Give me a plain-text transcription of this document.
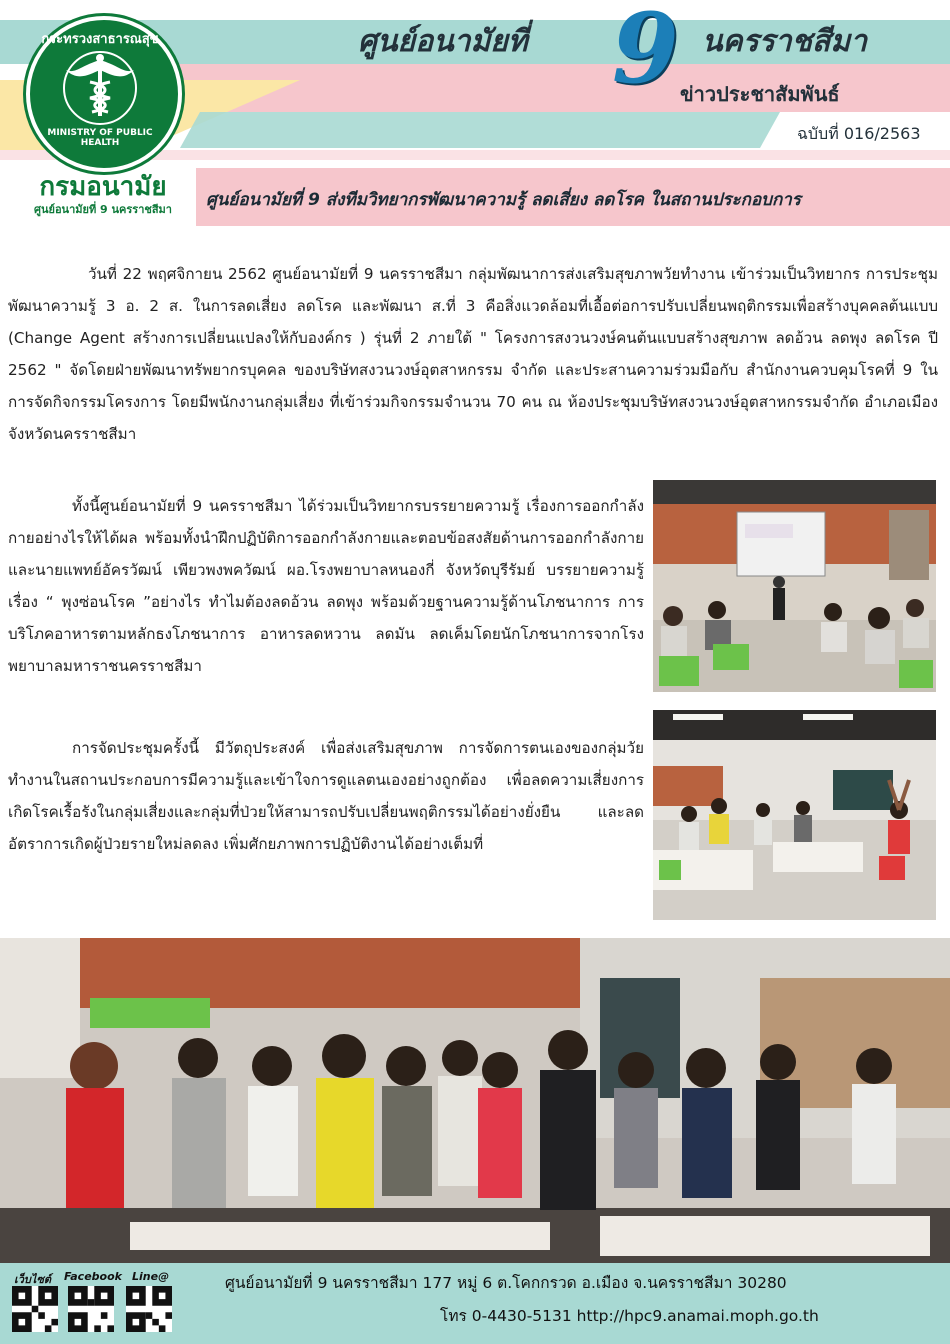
กระทรวงสาธารณสุข
MINISTRY OF PUBLIC HEALTH
กรมอนามัย
ศูนย์อนามัยที่ 9 นครราชสีมา
ศูนย์อนามัยที่ 9 นครราชสีมา
ข่าวประชาสัมพันธ์
ฉบับที่ 016/2563
ศูนย์อนามัยที่ 9 ส่งทีมวิทยากรพัฒนาความรู้ ลดเสี่ยง ลดโรค ในสถานประกอบการ
วันที่ 22 พฤศจิกายน 2562 ศูนย์อนามัยที่ 9 นครราชสีมา กลุ่มพัฒนาการส่งเสริมสุขภาพวัยทำงาน เข้าร่วมเป็นวิทยากร การประชุมพัฒนาความรู้ 3 อ. 2 ส. ในการลดเสี่ยง ลดโรค และพัฒนา ส.ที่ 3 คือสิ่งแวดล้อมที่เอื้อต่อการปรับเปลี่ยนพฤติกรรมเพื่อสร้างบุคคลต้นแบบ (Change Agent สร้างการเปลี่ยนแปลงให้กับองค์กร ) รุ่นที่ 2 ภายใต้ " โครงการสงวนวงษ์คนต้นแบบสร้างสุขภาพ ลดอ้วน ลดพุง ลดโรค ปี 2562 " จัดโดยฝ่ายพัฒนาทรัพยากรบุคคล ของบริษัทสงวนวงษ์อุตสาหกรรม จำกัด และประสานความร่วมมือกับ สำนักงานควบคุมโรคที่ 9 ในการจัดกิจกรรมโครงการ โดยมีพนักงานกลุ่มเสี่ยง ที่เข้าร่วมกิจกรรมจำนวน 70 คน ณ ห้องประชุมบริษัทสงวนวงษ์อุตสาหกรรมจำกัด อำเภอเมือง จังหวัดนครราชสีมา
ทั้งนี้ศูนย์อนามัยที่ 9 นครราชสีมา ได้ร่วมเป็นวิทยากรบรรยายความรู้ เรื่องการออกกำลังกายอย่างไรให้ได้ผล พร้อมทั้งนำฝึกปฏิบัติการออกกำลังกายและตอบข้อสงสัยด้านการออกกำลังกายและนายแพทย์อัครวัฒน์ เพียวพงพควัฒน์ ผอ.โรงพยาบาลหนองกี่ จังหวัดบุรีรัมย์ บรรยายความรู้ เรื่อง “ พุงซ่อนโรค ”อย่างไร ทำไมต้องลดอ้วน ลดพุง พร้อมด้วยฐานความรู้ด้านโภชนาการ การบริโภคอาหารตามหลักธงโภชนาการ อาหารลดหวาน ลดมัน ลดเค็มโดยนักโภชนาการจากโรงพยาบาลมหาราชนครราชสีมา
การจัดประชุมครั้งนี้ มีวัตถุประสงค์ เพื่อส่งเสริมสุขภาพ การจัดการตนเองของกลุ่มวัยทำงานในสถานประกอบการมีความรู้และเข้าใจการดูแลตนเองอย่างถูกต้อง เพื่อลดความเสี่ยงการเกิดโรคเรื้อรังในกลุ่มเสี่ยงและกลุ่มที่ป่วยให้สามารถปรับเปลี่ยนพฤติกรรมได้อย่างยั่งยืน และลดอัตราการเกิดผู้ป่วยรายใหม่ลดลง เพิ่มศักยภาพการปฏิบัติงานได้อย่างเต็มที่
เว็บไซต์ Facebook Line@	ศูนย์อนามัยที่ 9 นครราชสีมา 177 หมู่ 6 ต.โคกกรวด อ.เมือง จ.นครราชสีมา 30280
โทร 0-4430-5131 http://hpc9.anamai.moph.go.th
